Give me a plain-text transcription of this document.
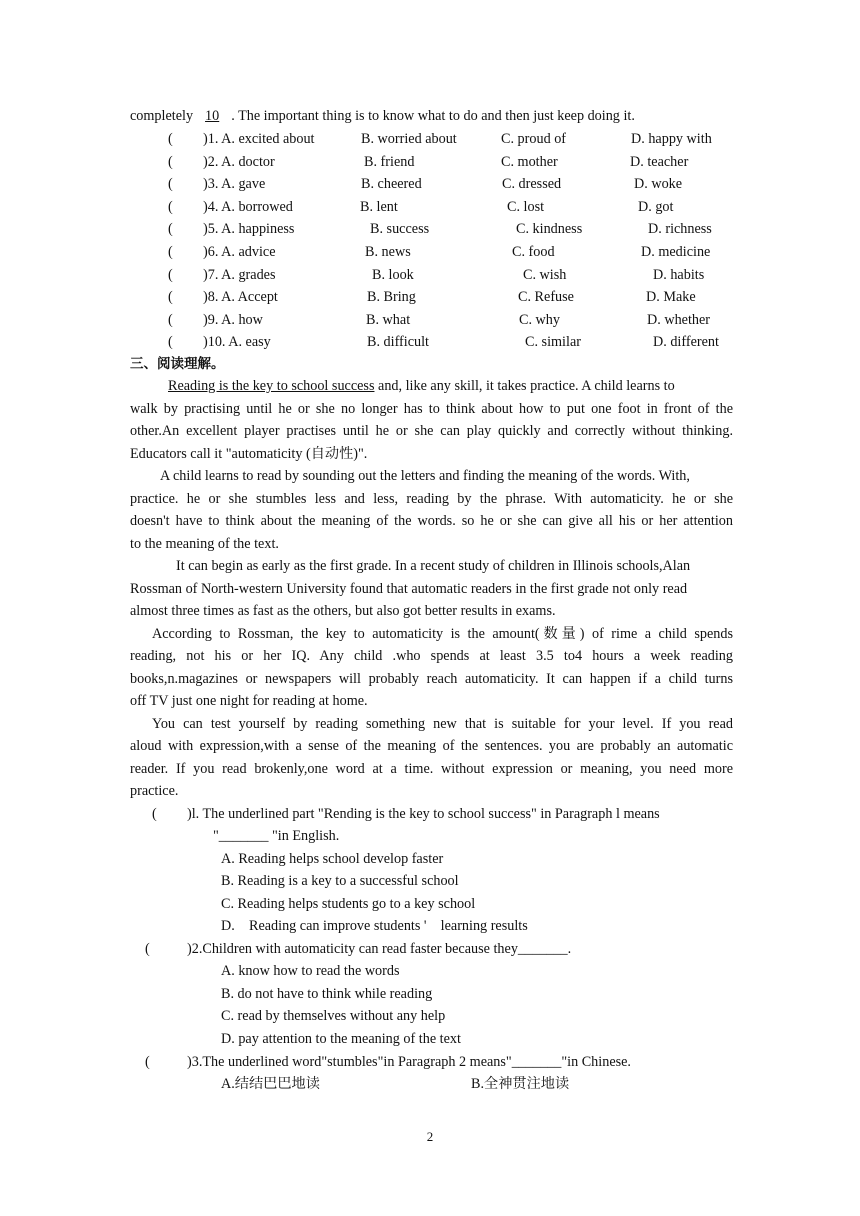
completely 10 . The important thing is to know what to do and then just keep doing it.
( )1. A. excited about	B. worried about	C. proud of	D. happy with
( )2. A. doctor	B. friend	C. mother	D. teacher
( )3. A. gave	B. cheered	C. dressed	D. woke
( )4. A. borrowed	B. lent	C. lost	D. got
( )5. A. happiness	B. success	C. kindness	D. richness
( )6. A. advice	B. news	C. food	D. medicine
( )7. A. grades	B. look	C. wish	D. habits
( )8. A. Accept	B. Bring	C. Refuse	D. Make
( )9. A. how	B. what	C. why	D. whether
( )10. A. easy	B. difficult	C. similar	D. different
三、阅读理解。
Reading is the key to school success and, like any skill, it takes practice. A child learns to
walk by practising until he or she no longer has to think about how to put one foot in front of the
other.An excellent player practises until he or she can play quickly and correctly without thinking.
Educators call it "automaticity (自动性)".
A child learns to read by sounding out the letters and finding the meaning of the words. With,
practice. he or she stumbles less and less, reading by the phrase. With automaticity. he or she
doesn't have to think about the meaning of the words. so he or she can give all his or her attention
to the meaning of the text.
It can begin as early as the first grade. In a recent study of children in Illinois schools,Alan
Rossman of North-western University found that automatic readers in the first grade not only read
almost three times as fast as the others, but also got better results in exams.
According to Rossman, the key to automaticity is the amount(数量) of rime a child spends
reading, not his or her IQ. Any child .who spends at least 3.5 to4 hours a week reading
books,n.magazines or newspapers will probably reach automaticity. It can happen if a child turns
off TV just one night for reading at home.
You can test yourself by reading something new that is suitable for your level. If you read
aloud with expression,with a sense of the meaning of the sentences. you are probably an automatic
reader. If you read brokenly,one word at a time. without expression or meaning, you need more
practice.
( )l. The underlined part "Rending is the key to school success" in Paragraph l means
"_______ "in English.
A. Reading helps school develop faster
B. Reading is a key to a successful school
C. Reading helps students go to a key school
D.    Reading can improve students '    learning results
(	)2.Children with automaticity can read faster because they_______.
A. know how to read the words
B. do not have to think while reading
C. read by themselves without any help
D. pay attention to the meaning of the text
(	)3.The underlined word"stumbles"in Paragraph 2 means"_______"in Chinese.
A.结结巴巴地读	B.全神贯注地读
2
